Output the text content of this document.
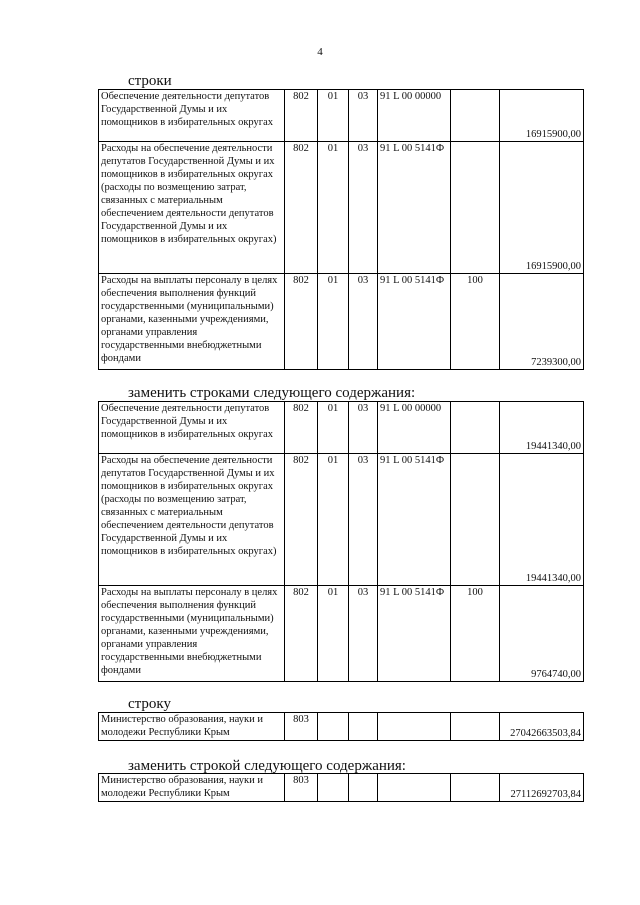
4
строки
Обеспечение деятельности депутатов Государственной Думы и их помощников в избирательных округах	802	01	03	91 L 00 00000		16915900,00
Расходы на обеспечение деятельности депутатов Государственной Думы и их помощников в избирательных округах (расходы по возмещению затрат, связанных с материальным обеспечением деятельности депутатов Государственной Думы и их помощников в избирательных округах)	802	01	03	91 L 00 5141Ф		16915900,00
Расходы на выплаты персоналу в целях обеспечения выполнения функций государственными (муниципальными) органами, казенными учреждениями, органами управления государственными внебюджетными фондами	802	01	03	91 L 00 5141Ф	100	7239300,00
заменить строками следующего содержания:
Обеспечение деятельности депутатов Государственной Думы и их помощников в избирательных округах	802	01	03	91 L 00 00000		19441340,00
Расходы на обеспечение деятельности депутатов Государственной Думы и их помощников в избирательных округах (расходы по возмещению затрат, связанных с материальным обеспечением деятельности депутатов Государственной Думы и их помощников в избирательных округах)	802	01	03	91 L 00 5141Ф		19441340,00
Расходы на выплаты персоналу в целях обеспечения выполнения функций государственными (муниципальными) органами, казенными учреждениями, органами управления государственными внебюджетными фондами	802	01	03	91 L 00 5141Ф	100	9764740,00
строку
Министерство образования, науки и молодежи Республики Крым	803					27042663503,84
заменить строкой следующего содержания:
Министерство образования, науки и молодежи Республики Крым	803					27112692703,84
